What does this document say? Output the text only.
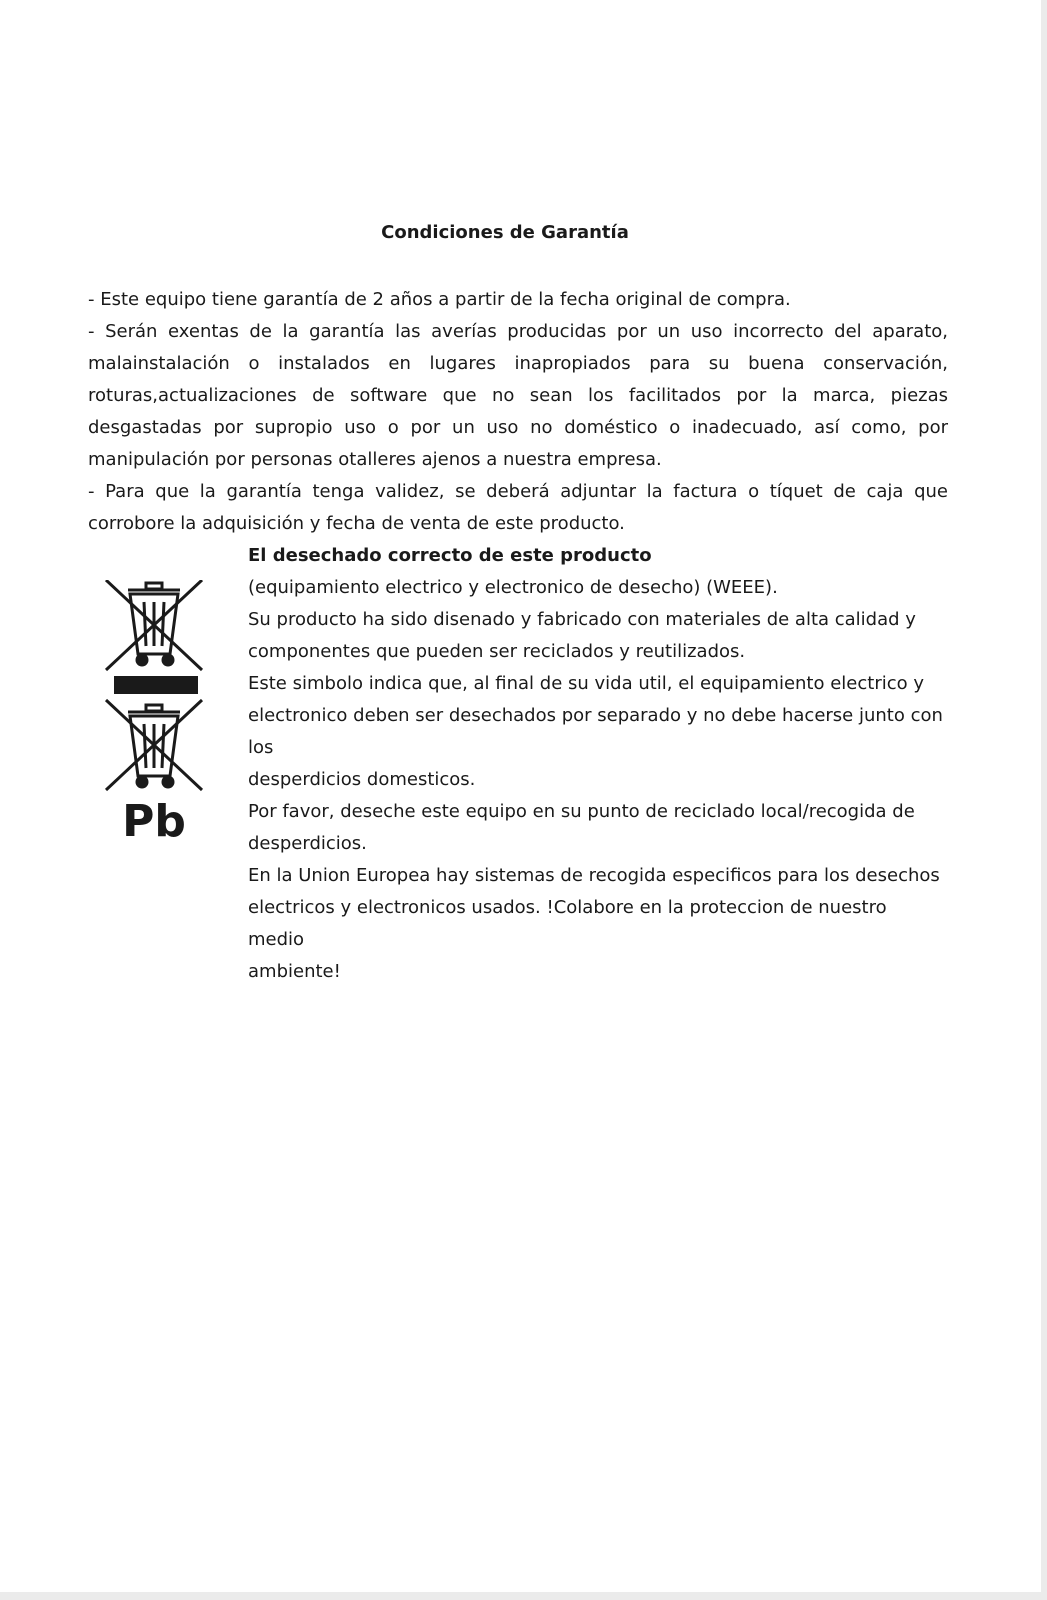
Condiciones de Garantía

- Este equipo tiene garantía de 2 años a partir de la fecha original de compra.

- Serán exentas de la garantía las averías producidas por un uso incorrecto del aparato, malainstalación o instalados en lugares inapropiados para su buena conservación, roturas,actualizaciones de software que no sean los facilitados por la marca, piezas desgastadas por supropio uso o por un uso no doméstico o inadecuado, así como, por manipulación por personas otalleres ajenos a nuestra empresa.

- Para que la garantía tenga validez, se deberá adjuntar la factura o tíquet de caja que corrobore la adquisición y fecha de venta de este producto.

Pb

El desechado correcto de este producto

(equipamiento electrico y electronico de desecho) (WEEE).

Su producto ha sido disenado y fabricado con materiales de alta calidad y

componentes que pueden ser reciclados y reutilizados.

Este simbolo indica que, al final de su vida util, el equipamiento electrico y

electronico deben ser desechados por separado y no debe hacerse junto con los

desperdicios domesticos.

Por favor, deseche este equipo en su punto de reciclado local/recogida de

desperdicios.

En la Union Europea hay sistemas de recogida especificos para los desechos

electricos y electronicos usados. !Colabore en la proteccion de nuestro medio

ambiente!
